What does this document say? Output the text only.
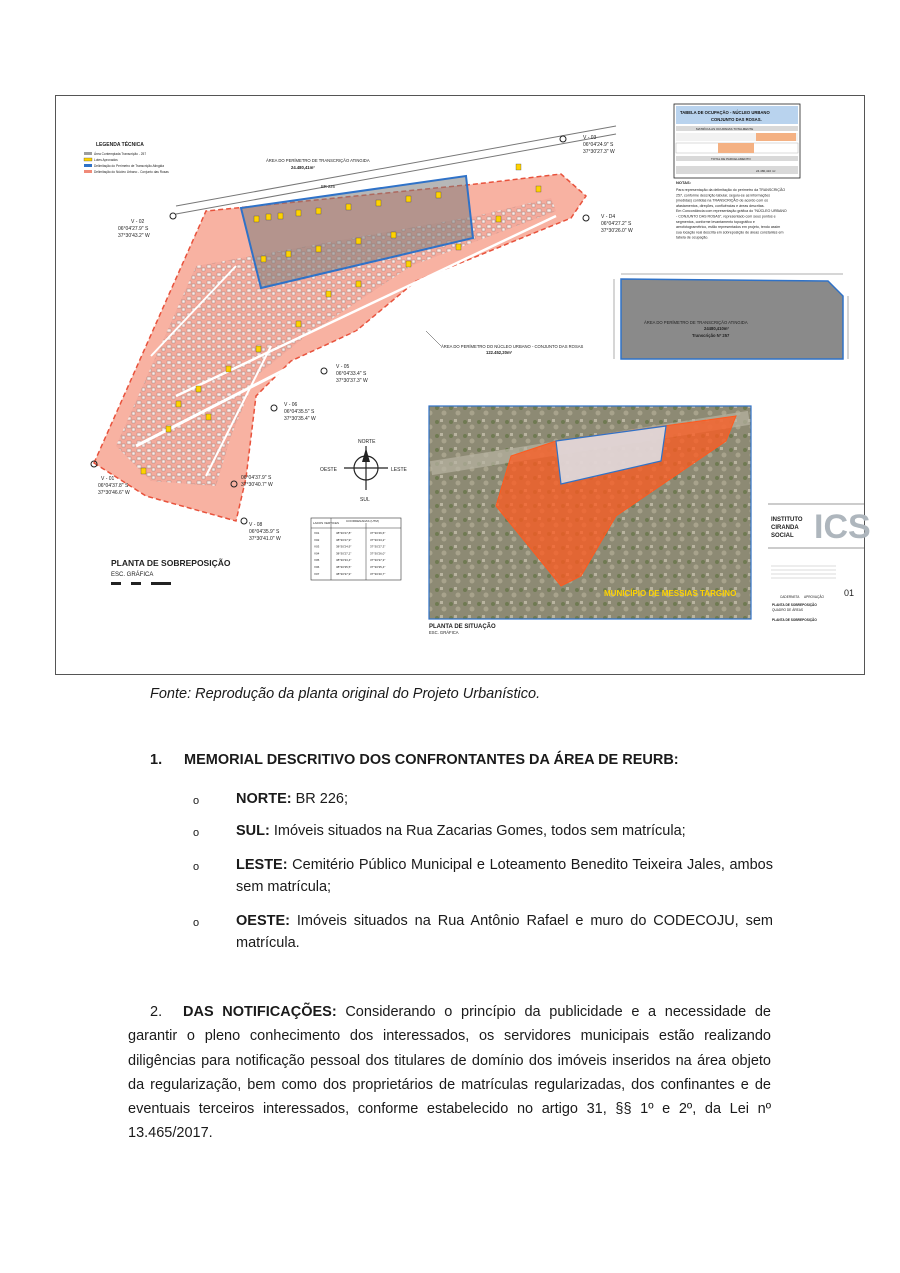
LEGENDA TÉCNICA
Área Contemplada Transcrição - 257
Lotes Aprovados
Delimitação do Perímetro de Transcrição Atingida
Delimitação do Núcleo Urbano - Conjunto das Rosas
BR 226
ÁREA DO PERÍMETRO DE TRANSCRIÇÃO ATINGIDA
24.480,41m²
ÁREA DO PERÍMETRO DO NÚCLEO URBANO - CONJUNTO DAS ROSAS
122.452,20m²
V - 03
06°04'24.9" S
37°30'27.3" W
V - 02
06°04'27.9" S
37°30'43.2" W
V - D4
06°04'27.2" S
37°30'26.0" W
V - 05
06°04'33.4" S
37°30'37.3" W
V - 06
06°04'35.5" S
37°30'35.4" W
V - 01
06°04'37.8" S
37°30'46.6" W
06°04'37.9" S
37°30'40.7" W
V - 08
06°04'35.9" S
37°30'41.0" W
NORTE
SUL
LESTE
OESTE
LADOS VERTICES COORDENADAS (UTM)
V01	38°30'27,8"	37°30'46,6"
V02	38°30'27,9"	37°30'43,2"
V03	38°30'24,9"	37°30'27,3"
V04	38°30'27,2"	37°30'26,0"
V05	38°30'33,4"	37°30'37,3"
V06	38°30'35,5"	37°30'35,4"
V07	38°30'37,9"	37°30'40,7"
PLANTA DE SOBREPOSIÇÃO
ESC. GRÁFICA
TABELA DE OCUPAÇÃO - NÚCLEO URBANO
CONJUNTO DAS ROSAS.
MATRÍCULAS OCUPADAS TOTALMENTE
TOTAL DE PARCELAMENTO
24.480,410 m²
NOTAS:
Para representação da delimitação do perímetro da TRANSCRIÇÃO
257, conforme descrição tabular, seguiu-se as informações
(medidas) contidas na TRANSCRIÇÃO de acordo com os
afastamentos, direções, confluências e áreas descritas.
Em Concordância com representação gráfica do "NÚCLEO URBANO
- CONJUNTO DAS ROSAS", representado com seus pontos e
segmentos, conforme levantamento topográfico e
aerofotogramétrico, estão representados em projeto, tendo assim
sua locação real descrita em sobreposição de áreas constantes em
tabela de ocupação.
ÁREA DO PERÍMETRO DE TRANSCRIÇÃO ATINGIDA
24480,410m²
Transcrição Nº 257
MUNICÍPIO DE MESSIAS TARGINO
PLANTA DE SITUAÇÃO
ESC. GRÁFICA
INSTITUTO
CIRANDA
SOCIAL ICS
01
CADERNETA APROVAÇÃO
PLANTA DE SOBREPOSIÇÃO
QUADRO DE ÁREAS
PLANTA DE SOBREPOSIÇÃO
Fonte: Reprodução da planta original do Projeto Urbanístico.
1. MEMORIAL DESCRITIVO DOS CONFRONTANTES DA ÁREA DE REURB:
o	NORTE: BR 226;
o	SUL: Imóveis situados na Rua Zacarias Gomes, todos sem matrícula;
o	LESTE: Cemitério Público Municipal e Loteamento Benedito Teixeira Jales, ambos sem matrícula;
o	OESTE: Imóveis situados na Rua Antônio Rafael e muro do CODECOJU, sem matrícula.
2. DAS NOTIFICAÇÕES: Considerando o princípio da publicidade e a necessidade de garantir o pleno conhecimento dos interessados, os servidores municipais estão realizando diligências para notificação pessoal dos titulares de domínio dos imóveis inseridos na área objeto da regularização, bem como dos proprietários de matrículas regularizadas, dos confinantes e de eventuais terceiros interessados, conforme estabelecido no artigo 31, §§ 1º e 2º, da Lei nº 13.465/2017.
